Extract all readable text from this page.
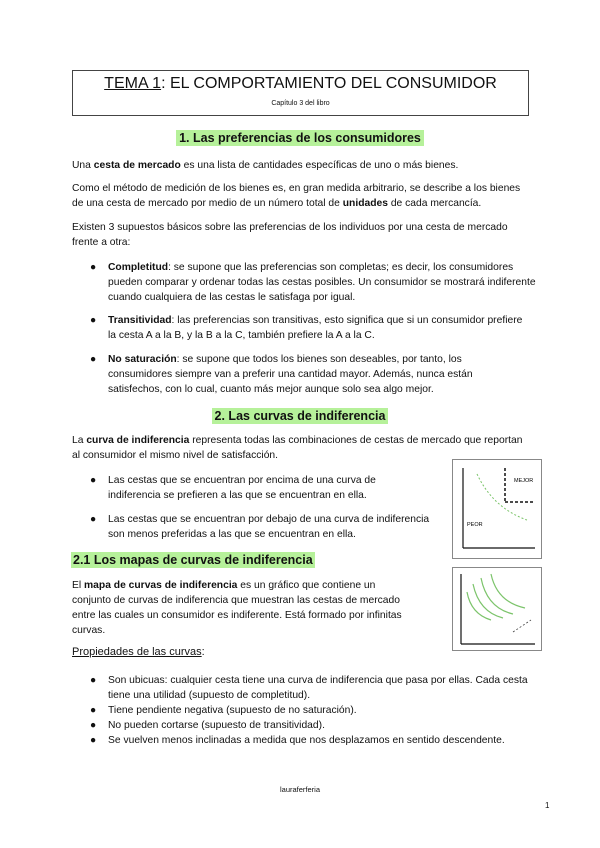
TEMA 1: EL COMPORTAMIENTO DEL CONSUMIDOR
Capítulo 3 del libro
1. Las preferencias de los consumidores

Una cesta de mercado es una lista de cantidades específicas de uno o más bienes.

Como el método de medición de los bienes es, en gran medida arbitrario, se describe a los bienes de una cesta de mercado por medio de un número total de unidades de cada mercancía.

Existen 3 supuestos básicos sobre las preferencias de los individuos por una cesta de mercado frente a otra:

● Completitud: se supone que las preferencias son completas; es decir, los consumidores pueden comparar y ordenar todas las cestas posibles. Un consumidor se mostrará indiferente cuando cualquiera de las cestas le satisfaga por igual.
● Transitividad: las preferencias son transitivas, esto significa que si un consumidor prefiere la cesta A a la B, y la B a la C, también prefiere la A a la C.
● No saturación: se supone que todos los bienes son deseables, por tanto, los consumidores siempre van a preferir una cantidad mayor. Además, nunca están satisfechos, con lo cual, cuanto más mejor aunque solo sea algo mejor.
2. Las curvas de indiferencia

La curva de indiferencia representa todas las combinaciones de cestas de mercado que reportan al consumidor el mismo nivel de satisfacción.

● Las cestas que se encuentran por encima de una curva de indiferencia se prefieren a las que se encuentran en ella.
● Las cestas que se encuentran por debajo de una curva de indiferencia son menos preferidas a las que se encuentran en ella.
MEJOR
PEOR
2.1 Los mapas de curvas de indiferencia

El mapa de curvas de indiferencia es un gráfico que contiene un conjunto de curvas de indiferencia que muestran las cestas de mercado entre las cuales un consumidor es indiferente. Está formado por infinitas curvas.

Propiedades de las curvas:

● Son ubicuas: cualquier cesta tiene una curva de indiferencia que pasa por ellas. Cada cesta tiene una utilidad (supuesto de completitud).
● Tiene pendiente negativa (supuesto de no saturación).
● No pueden cortarse (supuesto de transitividad).
● Se vuelven menos inclinadas a medida que nos desplazamos en sentido descendente.
lauraferferia
1
